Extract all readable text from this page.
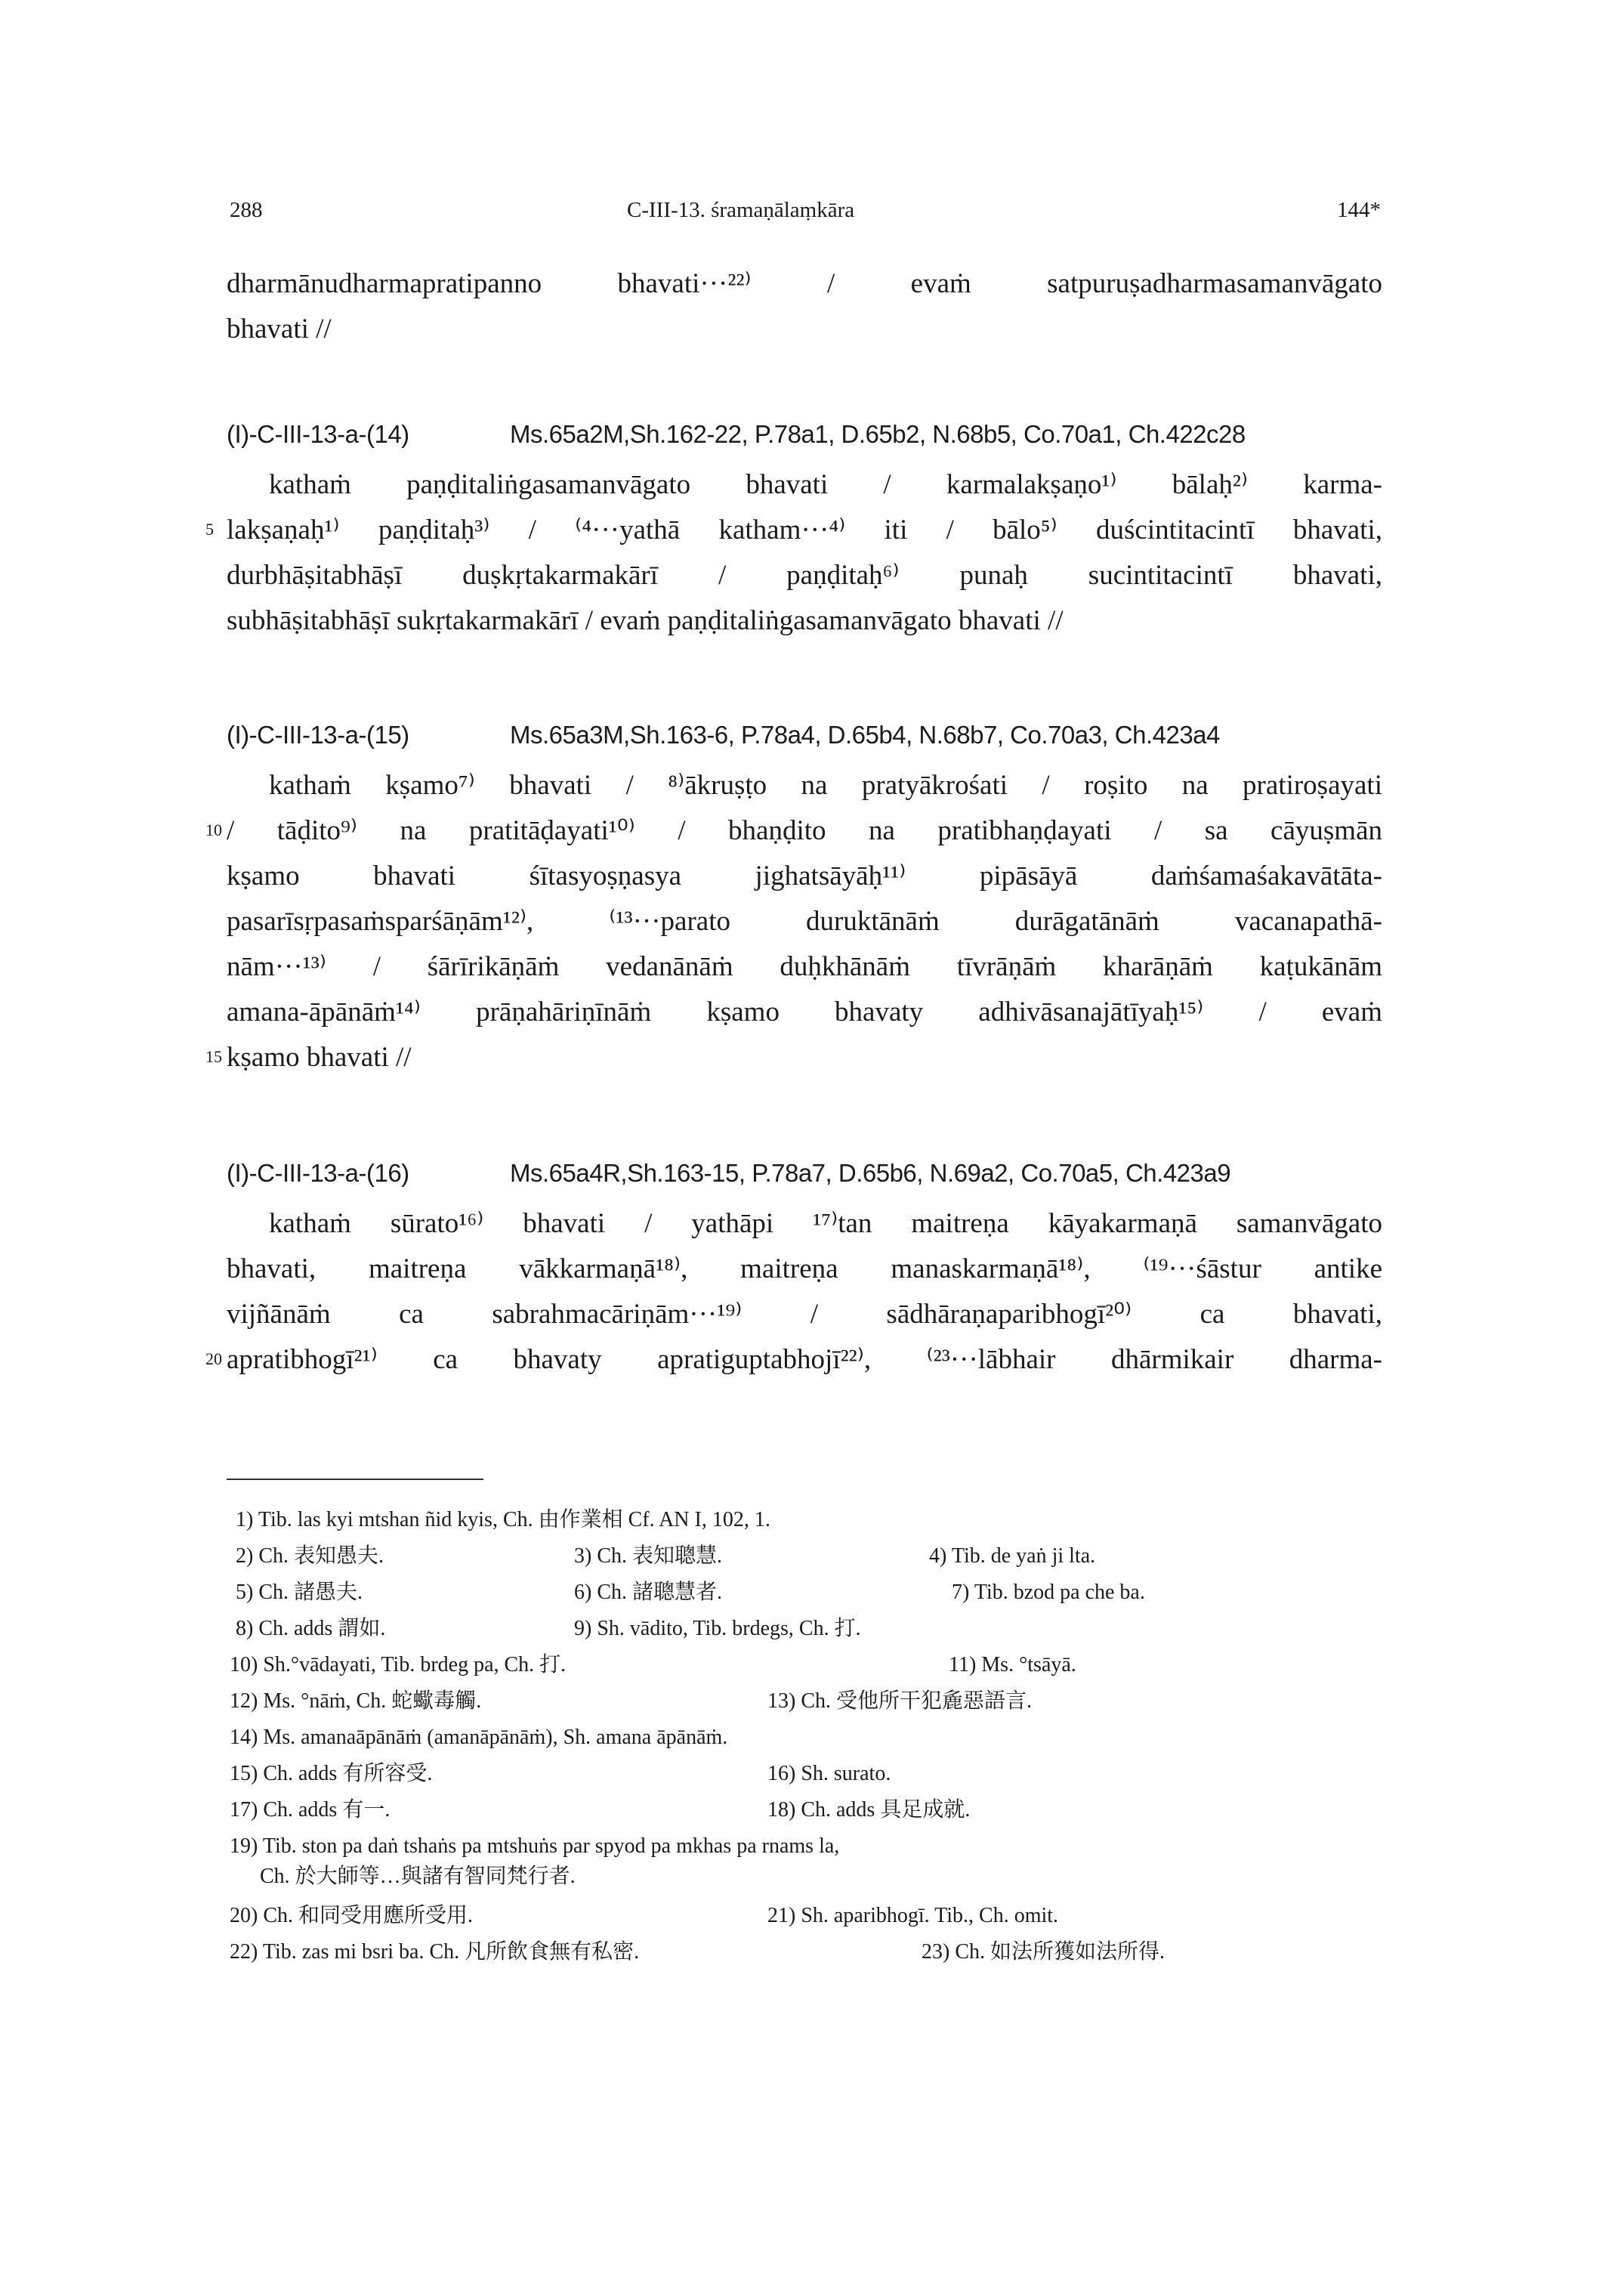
288	C-III-13. śramaṇālaṃkāra	144*
dharmānudharmapratipanno bhavati···²²⁾ / evaṁ satpuruṣadharmasamanvāgato
bhavati //
(I)-C-III-13-a-(14)	Ms.65a2M,Sh.162-22, P.78a1, D.65b2, N.68b5, Co.70a1, Ch.422c28
kathaṁ paṇḍitaliṅgasamanvāgato bhavati / karmalakṣaṇo¹⁾ bālaḥ²⁾ karma-
5 lakṣaṇaḥ¹⁾ paṇḍitaḥ³⁾ / ⁽⁴···yathā katham···⁴⁾ iti / bālo⁵⁾ duścintitacintī bhavati,
durbhāṣitabhāṣī duṣkṛtakarmakārī / paṇḍitaḥ⁶⁾ punaḥ sucintitacintī bhavati,
subhāṣitabhāṣī sukṛtakarmakārī / evaṁ paṇḍitaliṅgasamanvāgato bhavati //
(I)-C-III-13-a-(15)	Ms.65a3M,Sh.163-6, P.78a4, D.65b4, N.68b7, Co.70a3, Ch.423a4
kathaṁ kṣamo⁷⁾ bhavati / ⁸⁾ākruṣṭo na pratyākrośati / roṣito na pratiroṣayati
10 / tāḍito⁹⁾ na pratitāḍayati¹⁰⁾ / bhaṇḍito na pratibhaṇḍayati / sa cāyuṣmān
kṣamo bhavati śītasyoṣṇasya jighatsāyāḥ¹¹⁾ pipāsāyā daṁśamaśakavātāta-
pasarīsṛpasaṁsparśāṇām¹²⁾, ⁽¹³···parato duruktānāṁ durāgatānāṁ vacanapathā-
nām···¹³⁾ / śārīrikāṇāṁ vedanānāṁ duḥkhānāṁ tīvrāṇāṁ kharāṇāṁ kaṭukānām
amana-āpānāṁ¹⁴⁾ prāṇahāriṇīnāṁ kṣamo bhavaty adhivāsanajātīyaḥ¹⁵⁾ / evaṁ
15 kṣamo bhavati //
(I)-C-III-13-a-(16)	Ms.65a4R,Sh.163-15, P.78a7, D.65b6, N.69a2, Co.70a5, Ch.423a9
kathaṁ sūrato¹⁶⁾ bhavati / yathāpi ¹⁷⁾tan maitreṇa kāyakarmaṇā samanvāgato
bhavati, maitreṇa vākkarmaṇā¹⁸⁾, maitreṇa manaskarmaṇā¹⁸⁾, ⁽¹⁹···śāstur antike
vijñānāṁ ca sabrahmacāriṇām···¹⁹⁾ / sādhāraṇaparibhogī²⁰⁾ ca bhavati,
20 apratibhogī²¹⁾ ca bhavaty apratiguptabhojī²²⁾, ⁽²³···lābhair dhārmikair dharma-
1) Tib. las kyi mtshan ñid kyis, Ch. 由作業相 Cf. AN I, 102, 1.
2) Ch. 表知愚夫.	3) Ch. 表知聰慧.	4) Tib. de yaṅ ji lta.
5) Ch. 諸愚夫.	6) Ch. 諸聰慧者.	7) Tib. bzod pa che ba.
8) Ch. adds 謂如.	9) Sh. vādito, Tib. brdegs, Ch. 打.
10) Sh.°vādayati, Tib. brdeg pa, Ch. 打.	11) Ms. °tsāyā.
12) Ms. °nāṁ, Ch. 蛇蠍毒觸.	13) Ch. 受他所干犯麁惡語言.
14) Ms. amanaāpānāṁ (amanāpānāṁ), Sh. amana āpānāṁ.
15) Ch. adds 有所容受.	16) Sh. surato.
17) Ch. adds 有一.	18) Ch. adds 具足成就.
19) Tib. ston pa daṅ tshaṅs pa mtshuṅs par spyod pa mkhas pa rnams la,
Ch. 於大師等…與諸有智同梵行者.
20) Ch. 和同受用應所受用.	21) Sh. aparibhogī. Tib., Ch. omit.
22) Tib. zas mi bsri ba. Ch. 凡所飲食無有私密.	23) Ch. 如法所獲如法所得.
